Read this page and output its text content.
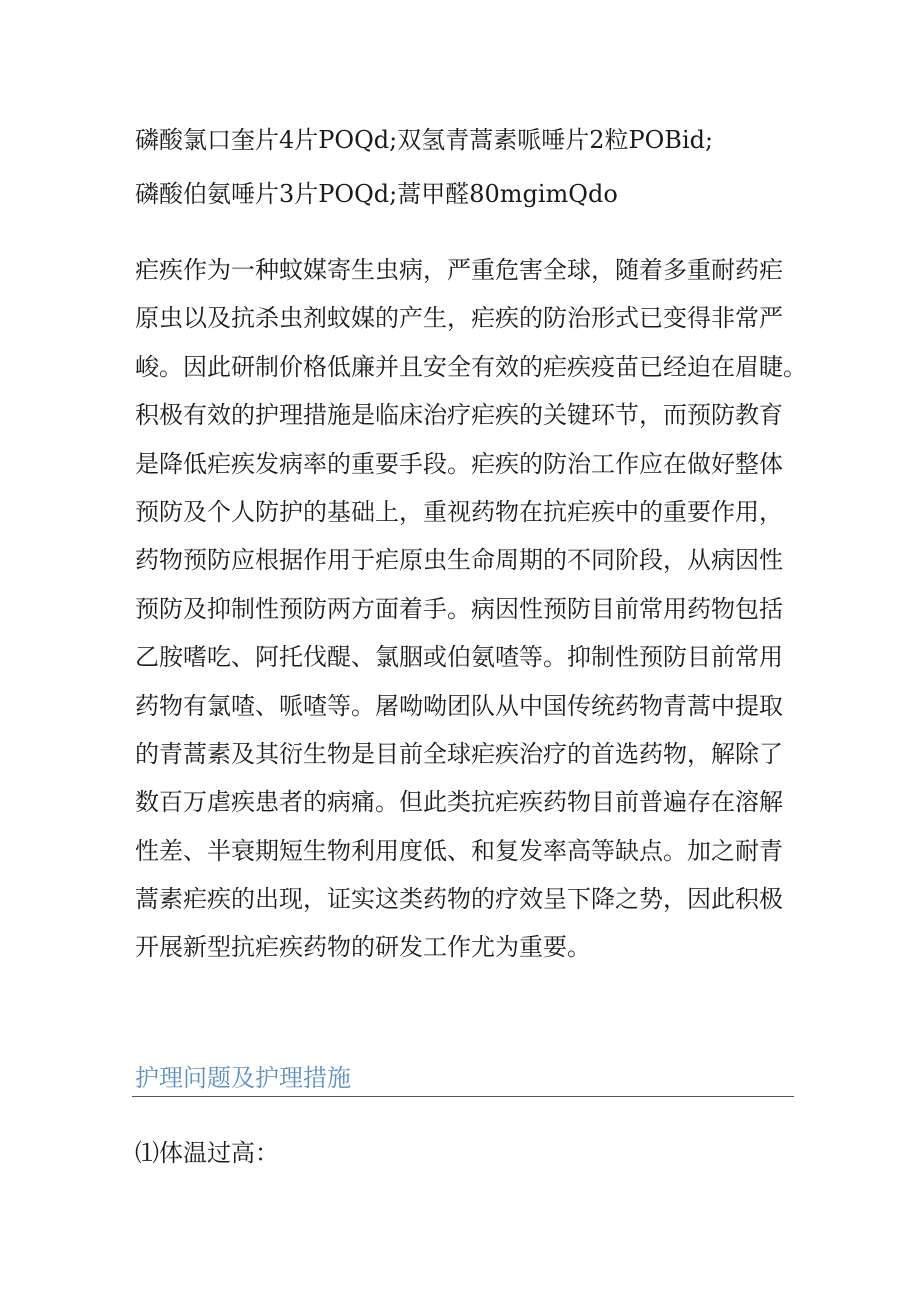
磷酸氯口奎片4片POQd;双氢青蒿素哌唾片2粒POBid;
磷酸伯氨唾片3片POQd;蒿甲醛80mgimQdo
疟疾作为一种蚊媒寄生虫病，严重危害全球，随着多重耐药疟
原虫以及抗杀虫剂蚊媒的产生，疟疾的防治形式已变得非常严
峻。因此研制价格低廉并且安全有效的疟疾疫苗已经迫在眉睫。
积极有效的护理措施是临床治疗疟疾的关键环节，而预防教育
是降低疟疾发病率的重要手段。疟疾的防治工作应在做好整体
预防及个人防护的基础上，重视药物在抗疟疾中的重要作用，
药物预防应根据作用于疟原虫生命周期的不同阶段，从病因性
预防及抑制性预防两方面着手。病因性预防目前常用药物包括
乙胺嗜吃、阿托伐醍、氯胭或伯氨喳等。抑制性预防目前常用
药物有氯喳、哌喳等。屠呦呦团队从中国传统药物青蒿中提取
的青蒿素及其衍生物是目前全球疟疾治疗的首选药物，解除了
数百万虐疾患者的病痛。但此类抗疟疾药物目前普遍存在溶解
性差、半衰期短生物利用度低、和复发率高等缺点。加之耐青
蒿素疟疾的出现，证实这类药物的疗效呈下降之势，因此积极
开展新型抗疟疾药物的研发工作尤为重要。
护理问题及护理措施

⑴体温过高：
